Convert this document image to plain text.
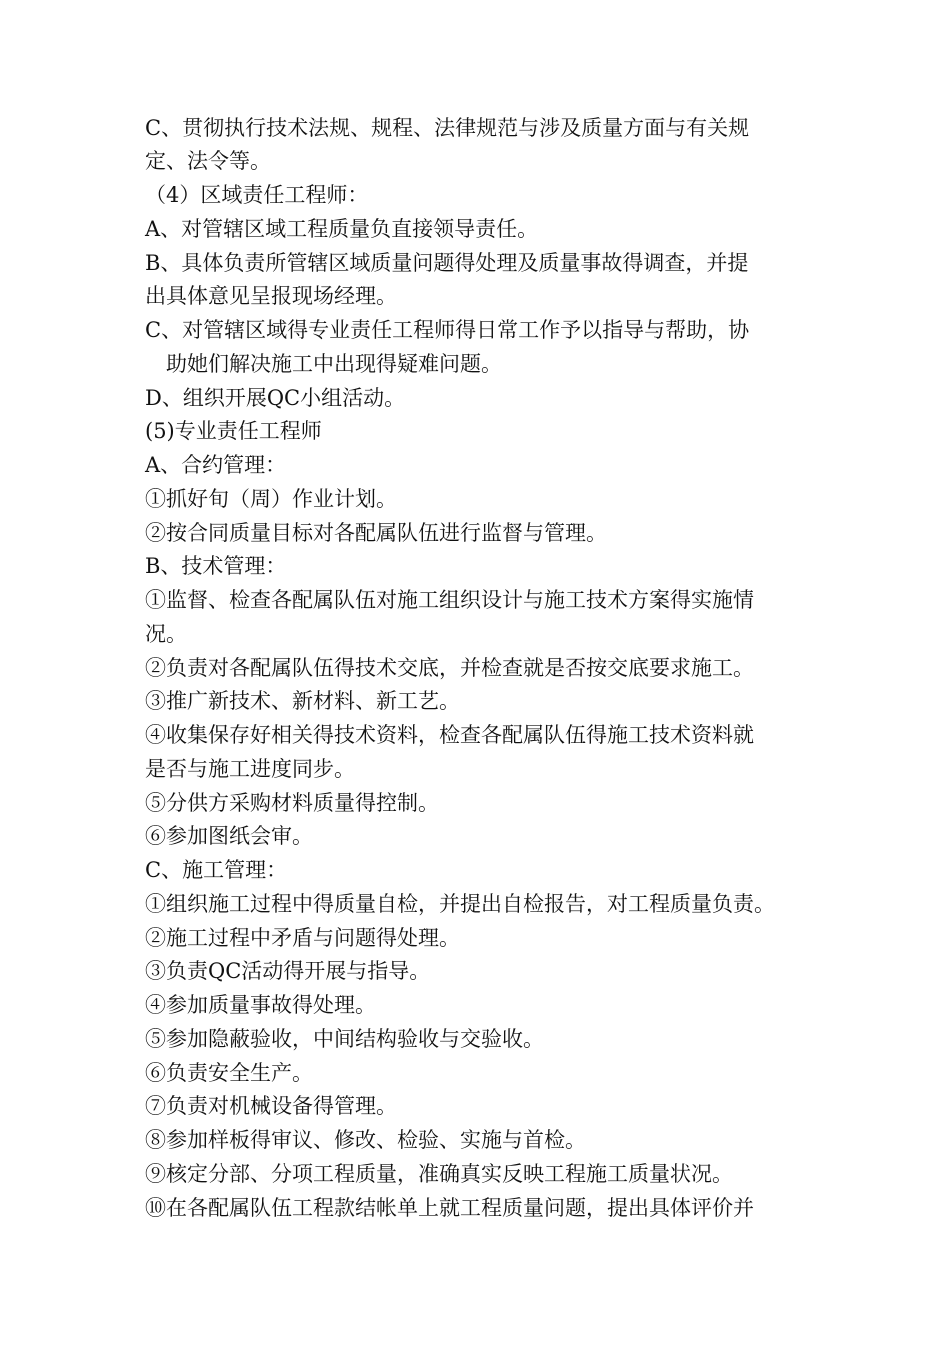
C、贯彻执行技术法规、规程、法律规范与涉及质量方面与有关规
定、法令等。
（4）区域责任工程师：
A、对管辖区域工程质量负直接领导责任。
B、具体负责所管辖区域质量问题得处理及质量事故得调查，并提
出具体意见呈报现场经理。
C、对管辖区域得专业责任工程师得日常工作予以指导与帮助，协
助她们解决施工中出现得疑难问题。
D、组织开展QC小组活动。
(5)专业责任工程师
A、合约管理：
①抓好旬（周）作业计划。
②按合同质量目标对各配属队伍进行监督与管理。
B、技术管理：
①监督、检查各配属队伍对施工组织设计与施工技术方案得实施情
况。
②负责对各配属队伍得技术交底，并检查就是否按交底要求施工。
③推广新技术、新材料、新工艺。
④收集保存好相关得技术资料，检查各配属队伍得施工技术资料就
是否与施工进度同步。
⑤分供方采购材料质量得控制。
⑥参加图纸会审。
C、施工管理：
①组织施工过程中得质量自检，并提出自检报告，对工程质量负责。
②施工过程中矛盾与问题得处理。
③负责QC活动得开展与指导。
④参加质量事故得处理。
⑤参加隐蔽验收，中间结构验收与交验收。
⑥负责安全生产。
⑦负责对机械设备得管理。
⑧参加样板得审议、修改、检验、实施与首检。
⑨核定分部、分项工程质量，准确真实反映工程施工质量状况。
⑩在各配属队伍工程款结帐单上就工程质量问题，提出具体评价并
